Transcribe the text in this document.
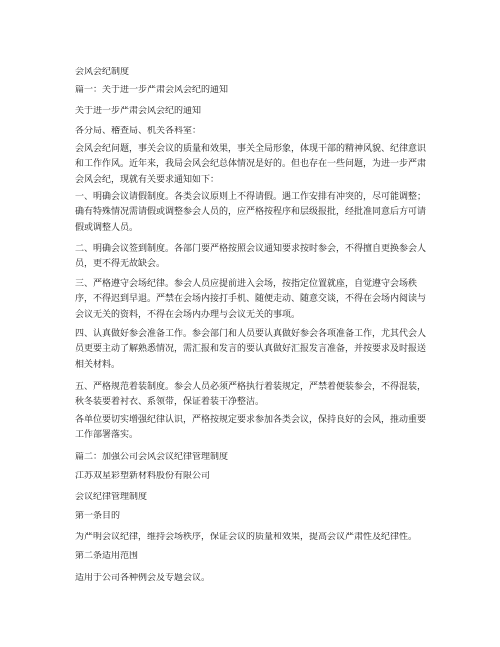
会风会纪制度
篇一：关于进一步严肃会风会纪的通知
关于进一步严肃会风会纪的通知
各分局、稽查局、机关各科室：
会风会纪问题，事关会议的质量和效果，事关全局形象，体现干部的精神风貌、纪律意识和工作作风。近年来，我局会风会纪总体情况是好的。但也存在一些问题，为进一步严肃会风会纪，现就有关要求通知如下：
一、明确会议请假制度。各类会议原则上不得请假。遇工作安排有冲突的，尽可能调整；确有特殊情况需请假或调整参会人员的，应严格按程序和层级报批，经批准同意后方可请假或调整人员。
二、明确会议签到制度。各部门要严格按照会议通知要求按时参会，不得擅自更换参会人员，更不得无故缺会。
三、严格遵守会场纪律。参会人员应提前进入会场，按指定位置就座，自觉遵守会场秩序，不得迟到早退。严禁在会场内接打手机、随便走动、随意交谈，不得在会场内阅读与会议无关的资料，不得在会场内办理与会议无关的事项。
四、认真做好参会准备工作。参会部门和人员要认真做好参会各项准备工作，尤其代会人员更要主动了解熟悉情况，需汇报和发言的要认真做好汇报发言准备，并按要求及时报送相关材料。
五、严格规范着装制度。参会人员必须严格执行着装规定，严禁着便装参会，不得混装，秋冬装要着衬衣、系领带，保证着装干净整洁。
各单位要切实增强纪律认识，严格按规定要求参加各类会议，保持良好的会风，推动重要工作部署落实。
篇二：加强公司会风会议纪律管理制度
江苏双星彩塑新材料股份有限公司
会议纪律管理制度
第一条目的
为严明会议纪律，维持会场秩序，保证会议的质量和效果，提高会议严肃性及纪律性。
第二条适用范围
适用于公司各种例会及专题会议。
